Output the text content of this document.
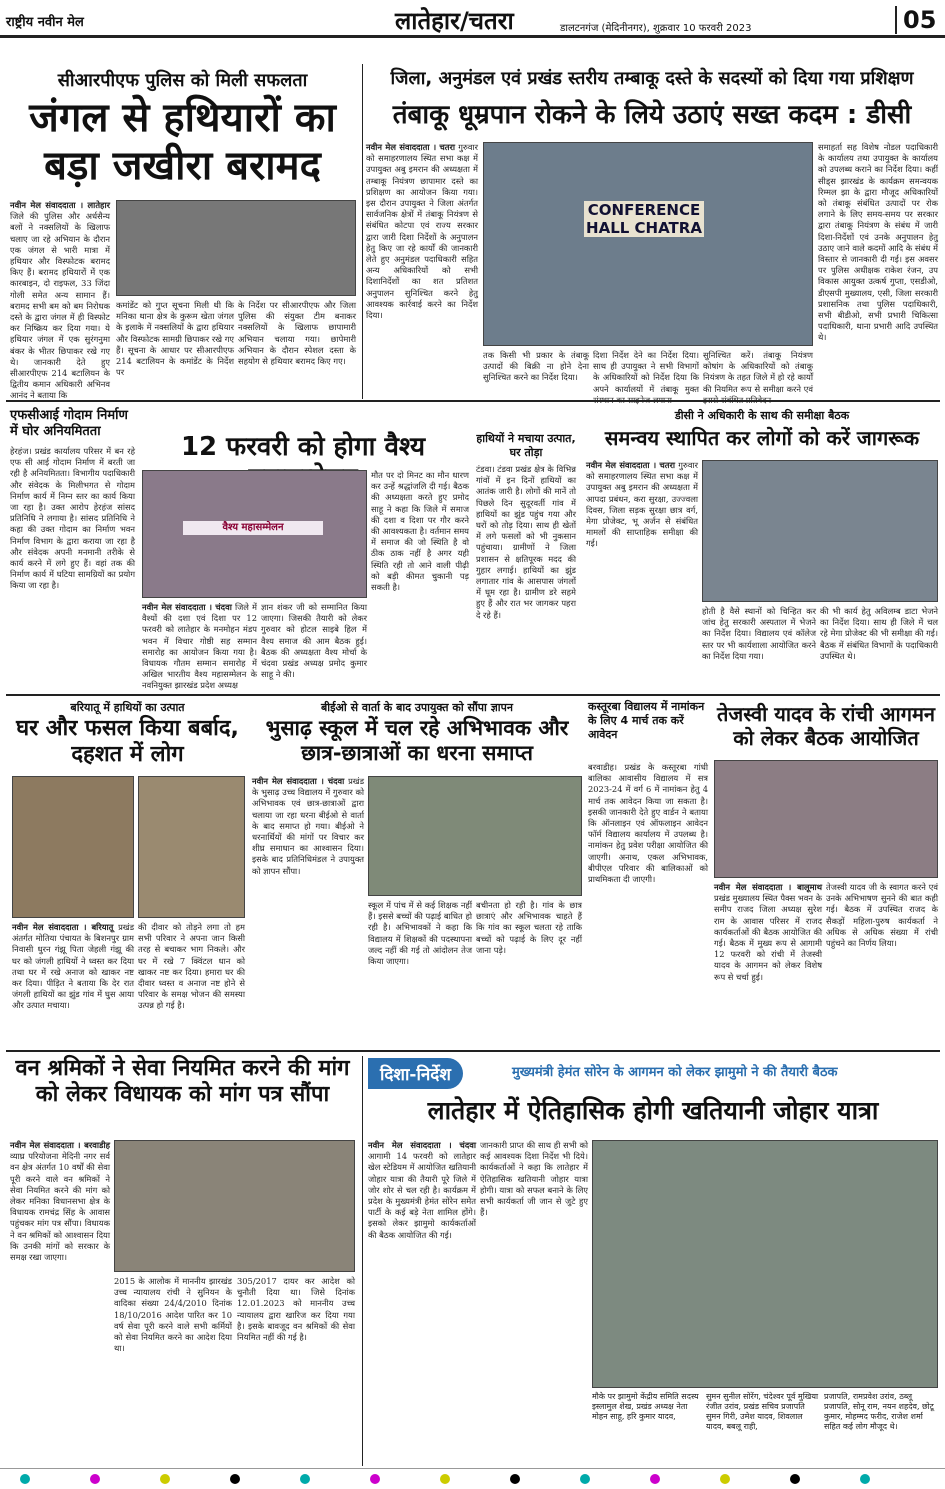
राष्ट्रीय नवीन मेल	लातेहार/चतरा	डालटनगंज (मेदिनीनगर), शुक्रवार 10 फरवरी 2023	05
सीआरपीएफ पुलिस को मिली सफलता
जंगल से हथियारों का बड़ा जखीरा बरामद
नवीन मेल संवाददाता । लातेहार जिले की पुलिस और अर्धसैन्य बलों ने नक्सलियों के खिलाफ चलाए जा रहे अभियान के दौरान एक जंगल से भारी मात्रा में हथियार और विस्फोटक बरामद किए हैं। बरामद हथियारों में एक कारबाइन, दो राइफल, 33 जिंदा गोली समेत अन्य सामान हैं। बरामद सभी बम को बम निरोधक दस्ते के द्वारा जंगल में ही विस्फोट कर निष्क्रिय कर दिया गया। ये हथियार जंगल में एक सुरंगनुमा बंकर के भीतर छिपाकर रखे गए थे। जानकारी देते हुए सीआरपीएफ 214 बटालियन के द्वितीय कमान अधिकारी अभिनव आनंद ने बताया कि
कमांडेंट को गुप्त सूचना मिली थी कि मनिका थाना क्षेत्र के कुरूम खेता जंगल के इलाके में नक्सलियों के द्वारा हथियार और विस्फोटक सामग्री छिपाकर रखे गए हैं। सूचना के आधार पर सीआरपीएफ 214 बटालियन के कमांडेंट के निर्देश पर
के निर्देश पर सीआरपीएफ और जिला पुलिस की संयुक्त टीम बनाकर नक्सलियों के खिलाफ छापामारी अभियान चलाया गया। छापेमारी अभियान के दौरान स्पेशल दस्ता के सहयोग से हथियार बरामद किए गए।
जिला, अनुमंडल एवं प्रखंड स्तरीय तम्बाकू दस्ते के सदस्यों को दिया गया प्रशिक्षण
तंबाकू धूम्रपान रोकने के लिये उठाएं सख्त कदम : डीसी
नवीन मेल संवाददाता । चतरा गुरुवार को समाहरणालय स्थित सभा कक्ष में उपायुक्त अबु इमरान की अध्यक्षता में तम्बाकू नियंत्रण छापामार दस्ते का प्रशिक्षण का आयोजन किया गया। इस दौरान उपायुक्त ने जिला अंतर्गत सार्वजनिक क्षेत्रों में तंबाकू नियंत्रण से संबंधित कोटपा एवं राज्य सरकार द्वारा जारी दिशा निर्देशों के अनुपालन हेतु किए जा रहे कार्यों की जानकारी लेते हुए अनुमंडल पदाधिकारी सहित अन्य अधिकारियों को सभी दिशानिर्देशों का शत प्रतिशत अनुपालन सुनिश्चित करने हेतु आवश्यक कार्रवाई करने का निर्देश दिया।
CONFERENCE HALL CHATRA
तक किसी भी प्रकार के तंबाकू उत्पादों की बिक्री ना होने देना सुनिश्चित करने का निर्देश दिया।
दिशा निर्देश देने का निर्देश दिया। साथ ही उपायुक्त ने सभी विभागों के अधिकारियों को निर्देश दिया कि अपने कार्यालयों में तंबाकू मुक्त
सुनिश्चित करें। तंबाकू नियंत्रण कोषांग के अधिकारियों को तंबाकू नियंत्रण के तहत जिले में हो रहे कार्यों की नियमित रूप से समीक्षा करने एवं
समाहर्ता सह विशेष नोडल पदाधिकारी के कार्यालय तथा उपायुक्त के कार्यालय को उपलब्ध कराने का निर्देश दिया। कहीं सीड्स झारखंड के कार्यक्रम समन्वयक रिम्मल झा के द्वारा मौजूद अधिकारियों को तंबाकू संबंधित उत्पादों पर रोक लगाने के लिए समय-समय पर सरकार द्वारा तंबाकू नियंत्रण के संबंध में जारी दिशा-निर्देशों एवं उनके अनुपालन हेतु उठाए जाने वाले कदमों आदि के संबंध में विस्तार से जानकारी दी गई। इस अवसर पर पुलिस अधीक्षक राकेश रंजन, उप विकास आयुक्त उत्कर्ष गुप्ता, एसडीओ, डीएसपी मुख्यालय, एसी, जिला सरकारी प्रशासनिक तथा पुलिस पदाधिकारी, सभी बीडीओ, सभी प्रभारी चिकित्सा पदाधिकारी, थाना प्रभारी आदि उपस्थित थे।
एफसीआई गोदाम निर्माण में घोर अनियमितता
हेरहंज। प्रखंड कार्यालय परिसर में बन रहे एफ सी आई गोदाम निर्माण में बरती जा रही है अनियमितता। विभागीय पदाधिकारी और संवेदक के मिलीभगत से गोदाम निर्माण कार्य में निम्न स्तर का कार्य किया जा रहा है। उक्त आरोप हेरहंज सांसद प्रतिनिधि ने लगाया है। सांसद प्रतिनिधि ने कहा की उक्त गोदाम का निर्माण भवन निर्माण विभाग के द्वारा कराया जा रहा है और संवेदक अपनी मनमानी तरीके से कार्य करने में लगे हुए हैं। वहां तक की निर्माण कार्य में घटिया सामग्रियों का प्रयोग किया जा रहा है।
12 फरवरी को होगा वैश्य
वैश्य महासम्मेलन
नवीन मेल संवाददाता । चंदवा जिले में वैश्यों की दशा एवं दिशा पर 12 फरवरी को लातेहार के मनमोहन मंडप भवन में विचार गोष्ठी सह सम्मान समारोह का आयोजन किया गया है। विधायक गौतम सम्मान समारोह में अखिल भारतीय वैश्य महासम्मेलन के नवनियुक्त झारखंड प्रदेश अध्यक्ष
ज्ञान शंकर जी को सम्मानित किया जाएगा। जिसकी तैयारी को लेकर गुरुवार को होटल साइबे हिल में वैश्य समाज की आम बैठक हुई। बैठक की अध्यक्षता वैश्य मोर्चा के चंदवा प्रखंड अध्यक्ष प्रमोद कुमार साहू ने की।
मौत पर दो मिनट का मौन धारण कर उन्हें श्रद्धांजलि दी गई। बैठक की अध्यक्षता करते हुए प्रमोद साहू ने कहा कि जिले में समाज की दशा व दिशा पर गौर करने की आवश्यकता है। वर्तमान समय में समाज की जो स्थिति है वो ठीक ठाक नहीं है अगर यही स्थिति रही तो आने वाली पीढ़ी को बड़ी कीमत चुकानी पड़ सकती है।
हाथियों ने मचाया उत्पात, घर तोड़ा
टंडवा। टंडवा प्रखंड क्षेत्र के विभिन्न गांवों में इन दिनों हाथियों का आतंक जारी है। लोगों की मानें तो पिछले दिन सुदूरवर्ती गांव में हाथियों का झुंड पहुंच गया और घरों को तोड़ दिया। साथ ही खेतों में लगे फसलों को भी नुकसान पहुंचाया। ग्रामीणों ने जिला प्रशासन से क्षतिपूरक मदद की गुहार लगाई। हाथियों का झुंड लगातार गांव के आसपास जंगलों में घूम रहा है। ग्रामीण डरे सहमे हुए हैं और रात भर जागकर पहरा दे रहे हैं।
डीसी ने अधिकारी के साथ की समीक्षा बैठक
समन्वय स्थापित कर लोगों को करें जागरूक
नवीन मेल संवाददाता । चतरा गुरुवार को समाहरणालय स्थित सभा कक्ष में उपायुक्त अबु इमरान की अध्यक्षता में आपदा प्रबंधन, करा सुरक्षा, उज्ज्वला दिवस, जिला सड़क सुरक्षा छात्र वर्ग, मेगा प्रोजेक्ट, भू अर्जन से संबंधित मामलों की साप्ताहिक समीक्षा की गई।
होती है वैसे स्थानों को चिन्हित कर जांच हेतु सरकारी अस्पताल में भेजने का निर्देश दिया। विद्यालय एवं कॉलेज स्तर पर भी कार्यशाला आयोजित करने का निर्देश दिया गया।
की भी कार्य हेतु अविलम्ब डाटा भेजने का निर्देश दिया। साथ ही जिले में चल रहे मेगा प्रोजेक्ट की भी समीक्षा की गई। बैठक में संबंधित विभागों के पदाधिकारी उपस्थित थे।
बरियातू में हाथियों का उत्पात
घर और फसल किया बर्बाद, दहशत में लोग
नवीन मेल संवाददाता । बरियातू प्रखंड अंतर्गत मोतिया पंचायत के बिशनपुर ग्राम निवासी धुरन गंझू पिता जेहली गंझू की घर को जंगली हाथियों ने ध्वस्त कर दिया तथा घर में रखे अनाज को खाकर नष्ट कर दिया। पीड़ित ने बताया कि देर रात जंगली हाथियों का झुंड गांव में घुस आया और उत्पात मचाया।
की दीवार को तोड़ने लगा तो हम सभी परिवार ने अपना जान किसी तरह से बचाकर भाग निकले। और घर में रखे 7 क्विंटल धान को खाकर नष्ट कर दिया। हमारा घर की दीवार ध्वस्त व अनाज नष्ट होने से परिवार के समक्ष भोजन की समस्या उत्पन्न हो गई है।
बीईओ से वार्ता के बाद उपायुक्त को सौंपा ज्ञापन
भुसाढ़ स्कूल में चल रहे अभिभावक और छात्र-छात्राओं का धरना समाप्त
नवीन मेल संवाददाता । चंदवा प्रखंड के भुसाढ़ उच्च विद्यालय में गुरुवार को अभिभावक एवं छात्र-छात्राओं द्वारा चलाया जा रहा धरना बीईओ से वार्ता के बाद समाप्त हो गया। बीईओ ने धरनार्थियों की मांगों पर विचार कर शीघ्र समाधान का आश्वासन दिया। इसके बाद प्रतिनिधिमंडल ने उपायुक्त को ज्ञापन सौंपा।
स्कूल में पांच में से कई शिक्षक नहीं हैं। इससे बच्चों की पढ़ाई बाधित हो रही है। अभिभावकों ने कहा कि विद्यालय में शिक्षकों की पदस्थापना जल्द नहीं की गई तो आंदोलन तेज किया जाएगा।
बचीनता हो रही है। गांव के छात्र छात्राएं और अभिभावक चाहते हैं कि गांव का स्कूल चलता रहे ताकि बच्चों को पढ़ाई के लिए दूर नहीं जाना पड़े।
कस्तूरबा विद्यालय में नामांकन के लिए 4 मार्च तक करें आवेदन
बरवाडीह। प्रखंड के कस्तूरबा गांधी बालिका आवासीय विद्यालय में सत्र 2023-24 में वर्ग 6 में नामांकन हेतु 4 मार्च तक आवेदन किया जा सकता है। इसकी जानकारी देते हुए वार्डन ने बताया कि ऑनलाइन एवं ऑफलाइन आवेदन फॉर्म विद्यालय कार्यालय में उपलब्ध है। नामांकन हेतु प्रवेश परीक्षा आयोजित की जाएगी। अनाथ, एकल अभिभावक, बीपीएल परिवार की बालिकाओं को प्राथमिकता दी जाएगी।
तेजस्वी यादव के रांची आगमन को लेकर बैठक आयोजित
नवीन मेल संवाददाता । बालूमाथ प्रखंड मुख्यालय स्थित पैक्स भवन के समीप राजद जिला अध्यक्ष सुरेश राम के आवास परिसर में राजद कार्यकर्ताओं की बैठक आयोजित की गई। बैठक में मुख्य रूप से आगामी 12 फरवरी को रांची में तेजस्वी यादव के आगमन को लेकर विशेष रूप से चर्चा हुई।
तेजस्वी यादव जी के स्वागत करने एवं उनके अभिभाषण सुनने की बात कही गई। बैठक में उपस्थित राजद के सैकड़ों महिला-पुरुष कार्यकर्ता ने अधिक से अधिक संख्या में रांची पहुंचने का निर्णय लिया।
वन श्रमिकों ने सेवा नियमित करने की मांग को लेकर विधायक को मांग पत्र सौंपा
नवीन मेल संवाददाता । बरवाडीह व्याघ्र परियोजना मेदिनी नगर सर्व वन क्षेत्र अंतर्गत 10 वर्षों की सेवा पूरी करने वाले वन श्रमिकों ने सेवा नियमित करने की मांग को लेकर मनिका विधानसभा क्षेत्र के विधायक रामचंद्र सिंह के आवास पहुंचकर मांग पत्र सौंपा। विधायक ने वन श्रमिकों को आश्वासन दिया कि उनकी मांगों को सरकार के समक्ष रखा जाएगा।
2015 के आलोक में माननीय झारखंड उच्च न्यायालय रांची ने सुनियन के वादिका संख्या 24/4/2010 दिनांक 18/10/2016 आदेश पारित कर 10 वर्ष सेवा पूरी करने वाले सभी कर्मियों को सेवा नियमित करने का आदेश दिया था।
305/2017 दायर कर आदेश को चुनौती दिया था। जिसे दिनांक 12.01.2023 को माननीय उच्च न्यायालय द्वारा खारिज कर दिया गया है। इसके बावजूद वन श्रमिकों की सेवा नियमित नहीं की गई है।
दिशा-निर्देश	मुख्यमंत्री हेमंत सोरेन के आगमन को लेकर झामुमो ने की तैयारी बैठक
लातेहार में ऐतिहासिक होगी खतियानी जोहार यात्रा
नवीन मेल संवाददाता । चंदवा आगामी 14 फरवरी को लातेहार खेल स्टेडियम में आयोजित खतियानी जोहार यात्रा की तैयारी पूरे जिले में जोर शोर से चल रही है। कार्यक्रम में प्रदेश के मुख्यमंत्री हेमंत सोरेन समेत पार्टी के कई बड़े नेता शामिल होंगे। इसको लेकर झामुमो कार्यकर्ताओं की बैठक आयोजित की गई।
जानकारी प्राप्त की साथ ही सभी को कई आवश्यक दिशा निर्देश भी दिये। कार्यकर्ताओं ने कहा कि लातेहार में ऐतिहासिक खतियानी जोहार यात्रा होगी। यात्रा को सफल बनाने के लिए सभी कार्यकर्ता जी जान से जुटे हुए हैं।
मौके पर झामुमो केंद्रीय समिति सदस्य इस्लामुल शेख, प्रखंड अध्यक्ष नेता मोहन साहू, हरि कुमार यादव,
सुमन सुनील सोरेंग, चंदेश्वर पूर्व मुखिया रंजीत उरांव, प्रखंड सचिव प्रजापति सुमन गिरी, उमेश यादव, शिवलाल यादव, बबलू राही,
प्रजापति, रामप्रवेश उरांव, ठब्लू प्रजापति, सोनू राम, नयन शहदेव, छोटू कुमार, मोहम्मद फरीद, राजेश शर्मा सहित कई लोग मौजूद थे।
